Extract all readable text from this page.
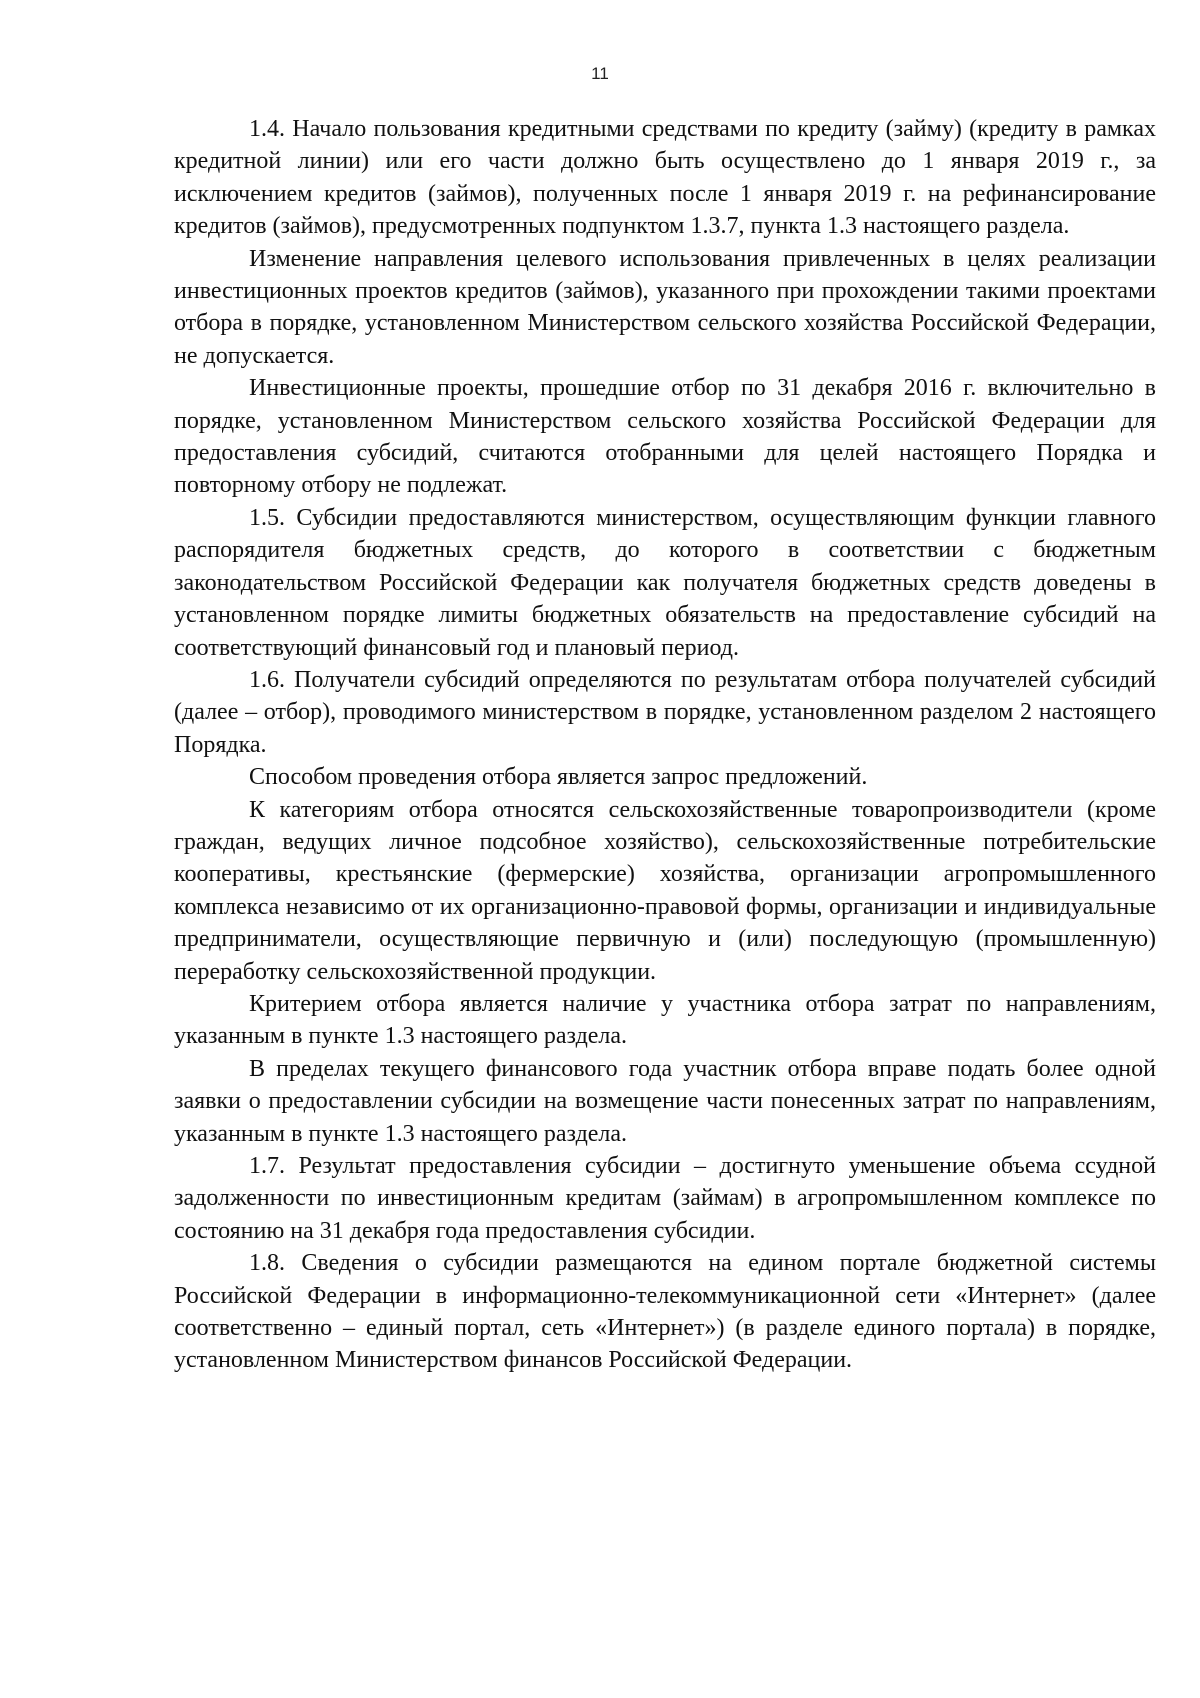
11

1.4. Начало пользования кредитными средствами по кредиту (займу) (кредиту в рамках кредитной линии) или его части должно быть осуществлено до 1 января 2019 г., за исключением кредитов (займов), полученных после 1 января 2019 г. на рефинансирование кредитов (займов), предусмотренных подпунктом 1.3.7, пункта 1.3 настоящего раздела.

Изменение направления целевого использования привлеченных в целях реализации инвестиционных проектов кредитов (займов), указанного при прохождении такими проектами отбора в порядке, установленном Министерством сельского хозяйства Российской Федерации, не допускается.

Инвестиционные проекты, прошедшие отбор по 31 декабря 2016 г. включительно в порядке, установленном Министерством сельского хозяйства Российской Федерации для предоставления субсидий, считаются отобранными для целей настоящего Порядка и повторному отбору не подлежат.

1.5. Субсидии предоставляются министерством, осуществляющим функции главного распорядителя бюджетных средств, до которого в соответствии с бюджетным законодательством Российской Федерации как получателя бюджетных средств доведены в установленном порядке лимиты бюджетных обязательств на предоставление субсидий на соответствующий финансовый год и плановый период.

1.6. Получатели субсидий определяются по результатам отбора получателей субсидий (далее – отбор), проводимого министерством в порядке, установленном разделом 2 настоящего Порядка.

Способом проведения отбора является запрос предложений.

К категориям отбора относятся сельскохозяйственные товаропроизводители (кроме граждан, ведущих личное подсобное хозяйство), сельскохозяйственные потребительские кооперативы, крестьянские (фермерские) хозяйства, организации агропромышленного комплекса независимо от их организационно-правовой формы, организации и индивидуальные предприниматели, осуществляющие первичную и (или) последующую (промышленную) переработку сельскохозяйственной продукции.

Критерием отбора является наличие у участника отбора затрат по направлениям, указанным в пункте 1.3 настоящего раздела.

В пределах текущего финансового года участник отбора вправе подать более одной заявки о предоставлении субсидии на возмещение части понесенных затрат по направлениям, указанным в пункте 1.3 настоящего раздела.

1.7. Результат предоставления субсидии – достигнуто уменьшение объема ссудной задолженности по инвестиционным кредитам (займам) в агропромышленном комплексе по состоянию на 31 декабря года предоставления субсидии.

1.8. Сведения о субсидии размещаются на едином портале бюджетной системы Российской Федерации в информационно-телекоммуникационной сети «Интернет» (далее соответственно – единый портал, сеть «Интернет») (в разделе единого портала) в порядке, установленном Министерством финансов Российской Федерации.
